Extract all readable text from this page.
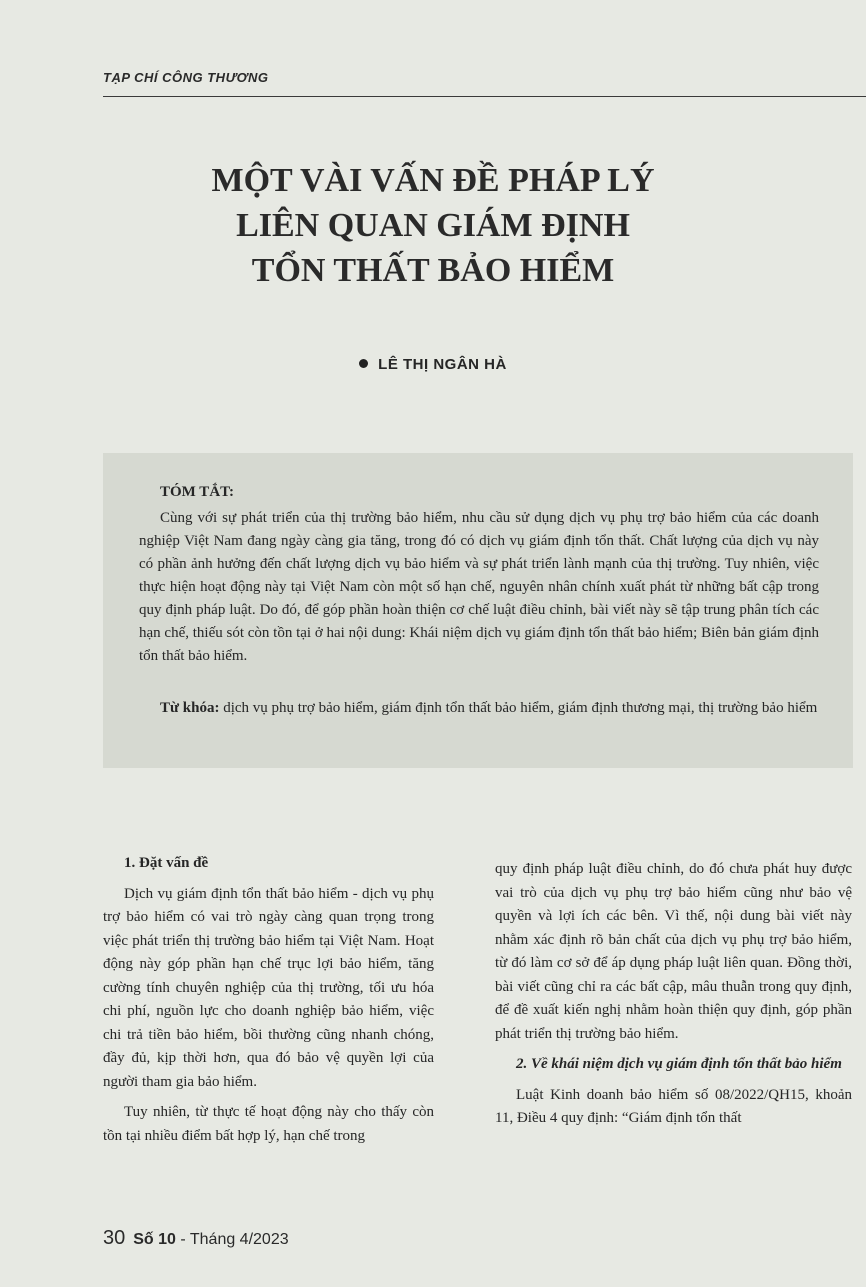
TẠP CHÍ CÔNG THƯƠNG
MỘT VÀI VẤN ĐỀ PHÁP LÝ
LIÊN QUAN GIÁM ĐỊNH
TỔN THẤT BẢO HIỂM
LÊ THỊ NGÂN HÀ
TÓM TẮT:

Cùng với sự phát triển của thị trường bảo hiểm, nhu cầu sử dụng dịch vụ phụ trợ bảo hiểm của các doanh nghiệp Việt Nam đang ngày càng gia tăng, trong đó có dịch vụ giám định tổn thất. Chất lượng của dịch vụ này có phần ảnh hưởng đến chất lượng dịch vụ bảo hiểm và sự phát triển lành mạnh của thị trường. Tuy nhiên, việc thực hiện hoạt động này tại Việt Nam còn một số hạn chế, nguyên nhân chính xuất phát từ những bất cập trong quy định pháp luật. Do đó, để góp phần hoàn thiện cơ chế luật điều chỉnh, bài viết này sẽ tập trung phân tích các hạn chế, thiếu sót còn tồn tại ở hai nội dung: Khái niệm dịch vụ giám định tổn thất bảo hiểm; Biên bản giám định tổn thất bảo hiểm.

Từ khóa: dịch vụ phụ trợ bảo hiểm, giám định tổn thất bảo hiểm, giám định thương mại, thị trường bảo hiểm

1. Đặt vấn đề

Dịch vụ giám định tổn thất bảo hiểm - dịch vụ phụ trợ bảo hiểm có vai trò ngày càng quan trọng trong việc phát triển thị trường bảo hiểm tại Việt Nam. Hoạt động này góp phần hạn chế trục lợi bảo hiểm, tăng cường tính chuyên nghiệp của thị trường, tối ưu hóa chi phí, nguồn lực cho doanh nghiệp bảo hiểm, việc chi trả tiền bảo hiểm, bồi thường cũng nhanh chóng, đầy đủ, kịp thời hơn, qua đó bảo vệ quyền lợi của người tham gia bảo hiểm.

Tuy nhiên, từ thực tế hoạt động này cho thấy còn tồn tại nhiều điểm bất hợp lý, hạn chế trong

quy định pháp luật điều chỉnh, do đó chưa phát huy được vai trò của dịch vụ phụ trợ bảo hiểm cũng như bảo vệ quyền và lợi ích các bên. Vì thế, nội dung bài viết này nhằm xác định rõ bản chất của dịch vụ phụ trợ bảo hiểm, từ đó làm cơ sở để áp dụng pháp luật liên quan. Đồng thời, bài viết cũng chỉ ra các bất cập, mâu thuẫn trong quy định, để đề xuất kiến nghị nhằm hoàn thiện quy định, góp phần phát triển thị trường bảo hiểm.

2. Về khái niệm dịch vụ giám định tổn thất bảo hiểm

Luật Kinh doanh bảo hiểm số 08/2022/QH15, khoản 11, Điều 4 quy định: “Giám định tổn thất

30 Số 10 - Tháng 4/2023
